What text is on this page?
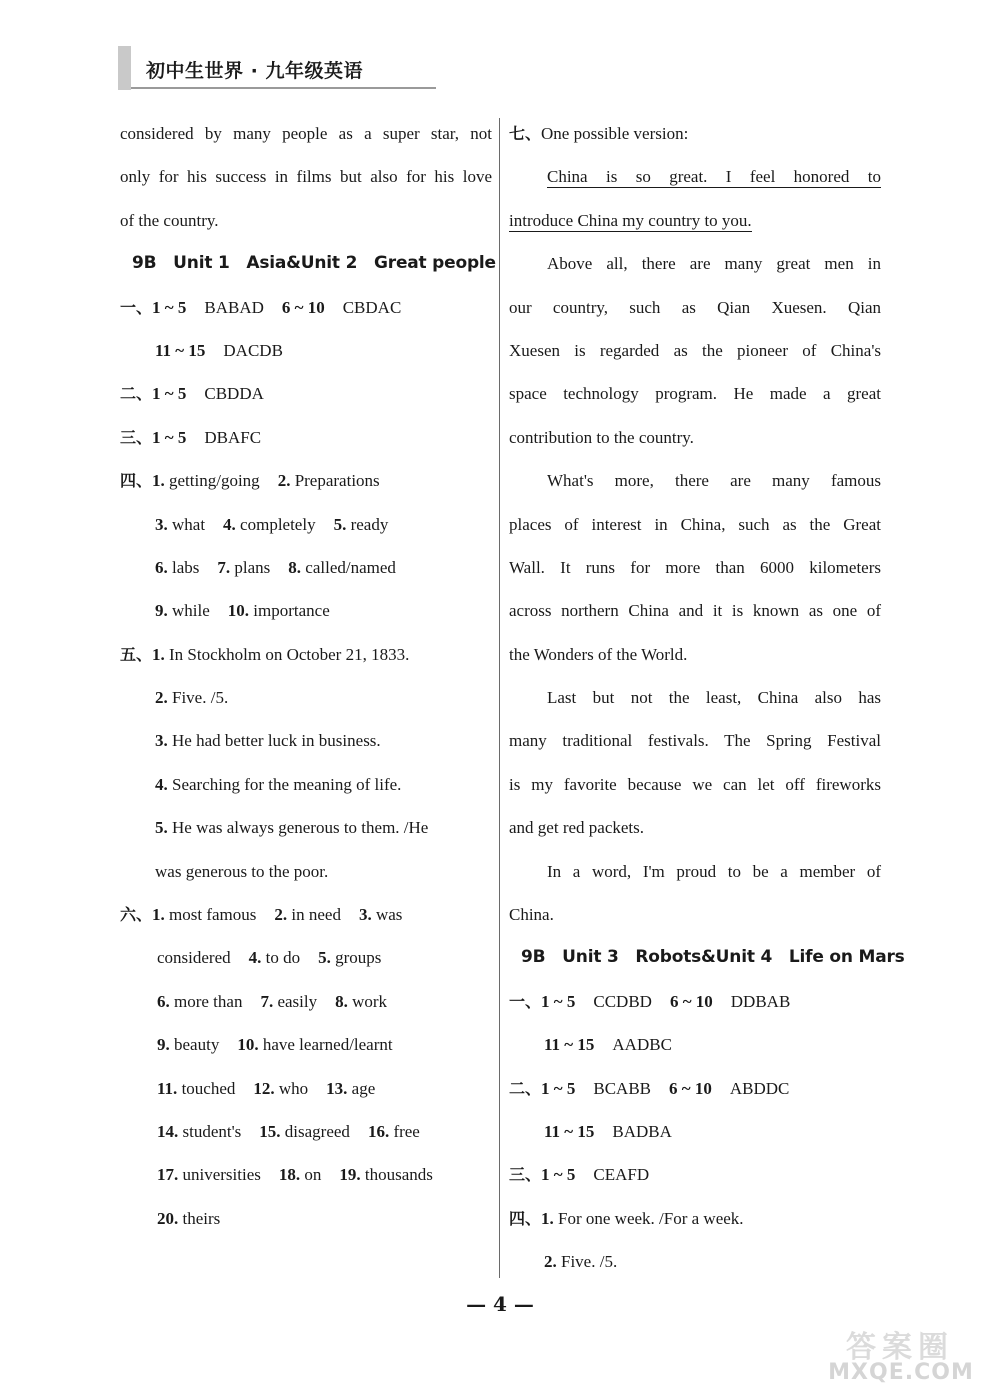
初中生世界 · 九年级英语
considered by many people as a super star, not
only for his success in films but also for his love
of the country.
9B　Unit 1　Asia&Unit 2　Great people
一、1 ~ 5 BABAD 6 ~ 10 CBDAC
11 ~ 15 DACDB
二、1 ~ 5 CBDDA
三、1 ~ 5 DBAFC
四、1. getting/going 2. Preparations
3. what 4. completely 5. ready
6. labs 7. plans 8. called/named
9. while 10. importance
五、1. In Stockholm on October 21, 1833.
2. Five. /5.
3. He had better luck in business.
4. Searching for the meaning of life.
5. He was always generous to them. /He
was generous to the poor.
六、1. most famous 2. in need 3. was
considered 4. to do 5. groups
6. more than 7. easily 8. work
9. beauty 10. have learned/learnt
11. touched 12. who 13. age
14. student's 15. disagreed 16. free
17. universities 18. on 19. thousands
20. theirs
七、One possible version:
China is so great. I feel honored to
introduce China my country to you.
Above all, there are many great men in
our country, such as Qian Xuesen. Qian
Xuesen is regarded as the pioneer of China's
space technology program. He made a great
contribution to the country.
What's more, there are many famous
places of interest in China, such as the Great
Wall. It runs for more than 6000 kilometers
across northern China and it is known as one of
the Wonders of the World.
Last but not the least, China also has
many traditional festivals. The Spring Festival
is my favorite because we can let off fireworks
and get red packets.
In a word, I'm proud to be a member of
China.
9B　Unit 3　Robots&Unit 4　Life on Mars
一、1 ~ 5 CCDBD 6 ~ 10 DDBAB
11 ~ 15 AADBC
二、1 ~ 5 BCABB 6 ~ 10 ABDDC
11 ~ 15 BADBA
三、1 ~ 5 CEAFD
四、1. For one week. /For a week.
2. Five. /5.
— 4 —
答案圈
MXQE.COM
